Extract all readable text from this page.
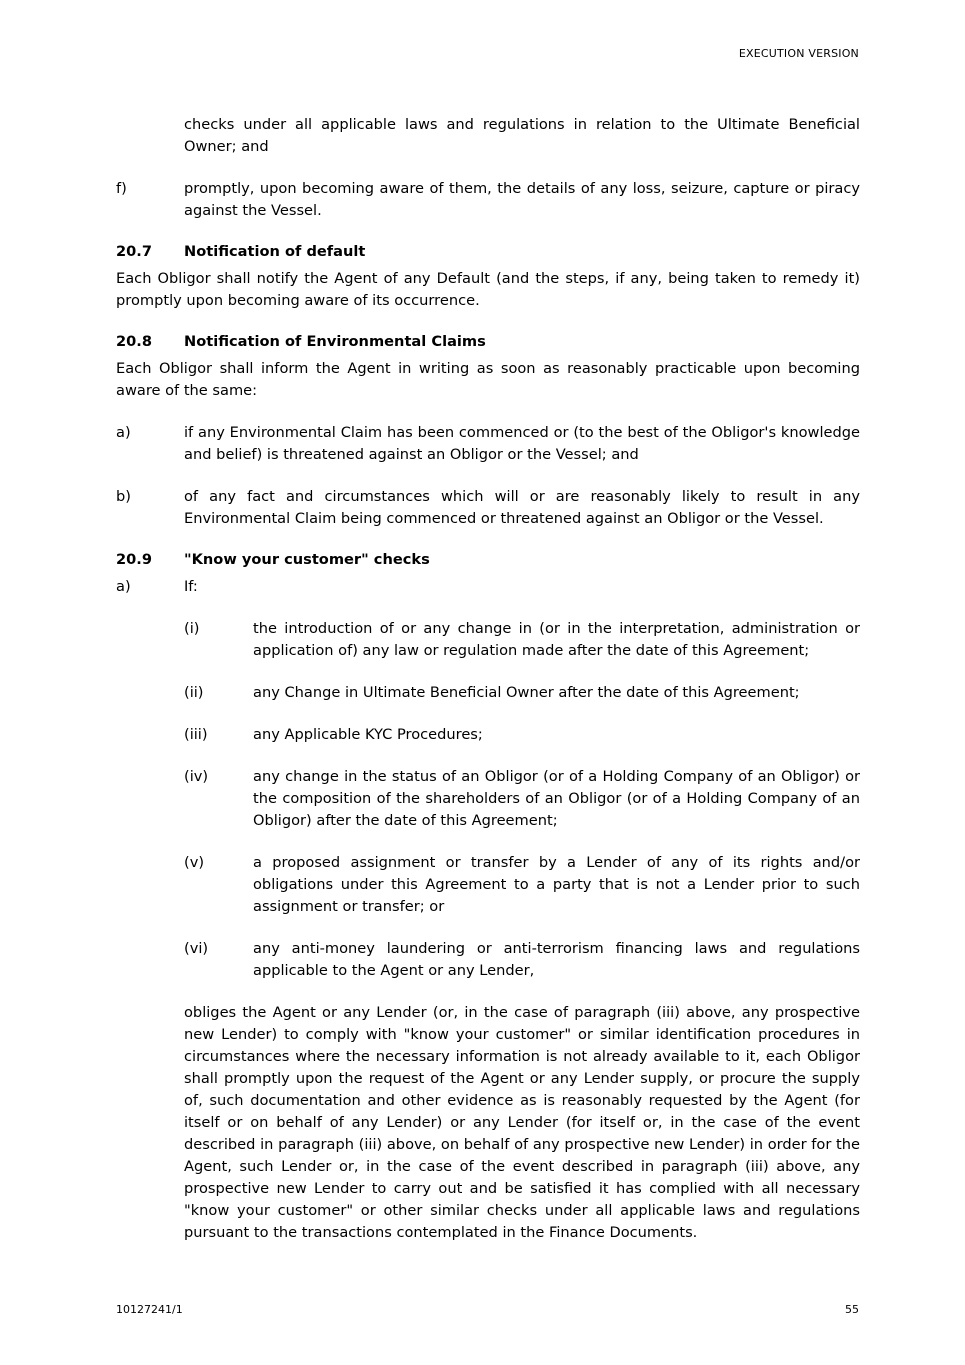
EXECUTION VERSION

checks under all applicable laws and regulations in relation to the Ultimate Beneficial Owner; and

f)	promptly, upon becoming aware of them, the details of any loss, seizure, capture or piracy against the Vessel.
20.7	Notification of default

Each Obligor shall notify the Agent of any Default (and the steps, if any, being taken to remedy it) promptly upon becoming aware of its occurrence.

20.8	Notification of Environmental Claims

Each Obligor shall inform the Agent in writing as soon as reasonably practicable upon becoming aware of the same:

a)	if any Environmental Claim has been commenced or (to the best of the Obligor's knowledge and belief) is threatened against an Obligor or the Vessel; and
b)	of any fact and circumstances which will or are reasonably likely to result in any Environmental Claim being commenced or threatened against an Obligor or the Vessel.
20.9	"Know your customer" checks
a)	If:
(i)	the introduction of or any change in (or in the interpretation, administration or application of) any law or regulation made after the date of this Agreement;
(ii)	any Change in Ultimate Beneficial Owner after the date of this Agreement;
(iii)	any Applicable KYC Procedures;
(iv)	any change in the status of an Obligor (or of a Holding Company of an Obligor) or the composition of the shareholders of an Obligor (or of a Holding Company of an Obligor) after the date of this Agreement;
(v)	a proposed assignment or transfer by a Lender of any of its rights and/or obligations under this Agreement to a party that is not a Lender prior to such assignment or transfer; or
(vi)	any anti-money laundering or anti-terrorism financing laws and regulations applicable to the Agent or any Lender,

obliges the Agent or any Lender (or, in the case of paragraph (iii) above, any prospective new Lender) to comply with "know your customer" or similar identification procedures in circumstances where the necessary information is not already available to it, each Obligor shall promptly upon the request of the Agent or any Lender supply, or procure the supply of, such documentation and other evidence as is reasonably requested by the Agent (for itself or on behalf of any Lender) or any Lender (for itself or, in the case of the event described in paragraph (iii) above, on behalf of any prospective new Lender) in order for the Agent, such Lender or, in the case of the event described in paragraph (iii) above, any prospective new Lender to carry out and be satisfied it has complied with all necessary "know your customer" or other similar checks under all applicable laws and regulations pursuant to the transactions contemplated in the Finance Documents.

10127241/1	55
